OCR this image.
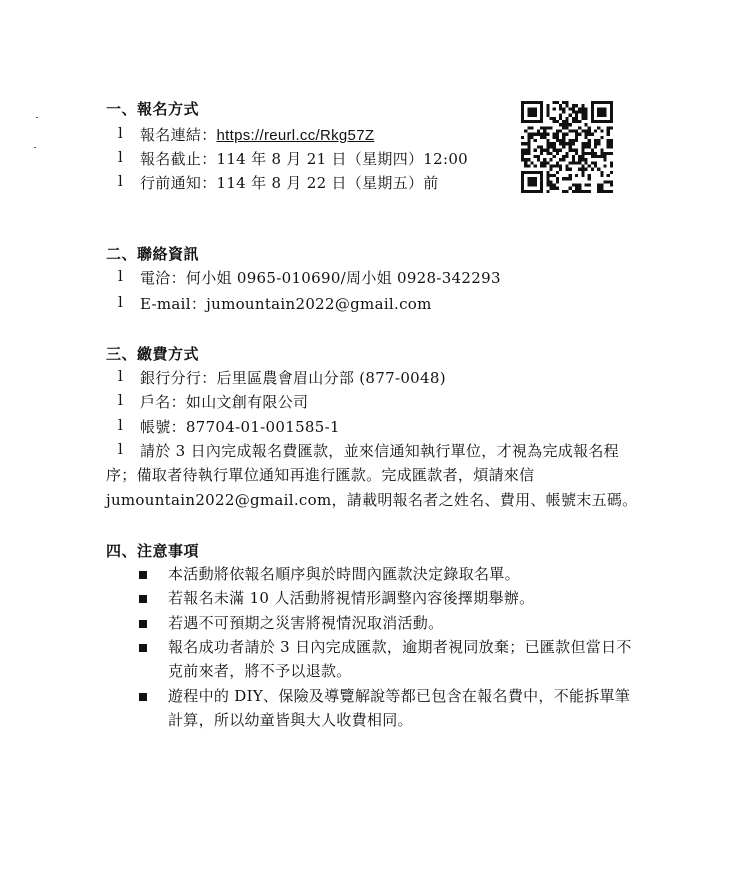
一、報名方式
l 報名連結：https://reurl.cc/Rkg57Z
l 報名截止：114 年 8 月 21 日（星期四）12:00
l 行前通知：114 年 8 月 22 日（星期五）前
二、聯絡資訊
l 電洽：何小姐 0965-010690/周小姐 0928-342293
l E-mail：jumountain2022@gmail.com
三、繳費方式
l 銀行分行：后里區農會眉山分部 (877-0048)
l 戶名：如山文創有限公司
l 帳號：87704-01-001585-1
l 請於 3 日內完成報名費匯款，並來信通知執行單位，才視為完成報名程
序；備取者待執行單位通知再進行匯款。完成匯款者，煩請來信
jumountain2022@gmail.com，請載明報名者之姓名、費用、帳號末五碼。
四、注意事項
本活動將依報名順序與於時間內匯款決定錄取名單。
若報名未滿 10 人活動將視情形調整內容後擇期舉辦。
若遇不可預期之災害將視情況取消活動。
報名成功者請於 3 日內完成匯款，逾期者視同放棄；已匯款但當日不
克前來者，將不予以退款。
遊程中的 DIY、保險及導覽解說等都已包含在報名費中，不能拆單筆
計算，所以幼童皆與大人收費相同。
